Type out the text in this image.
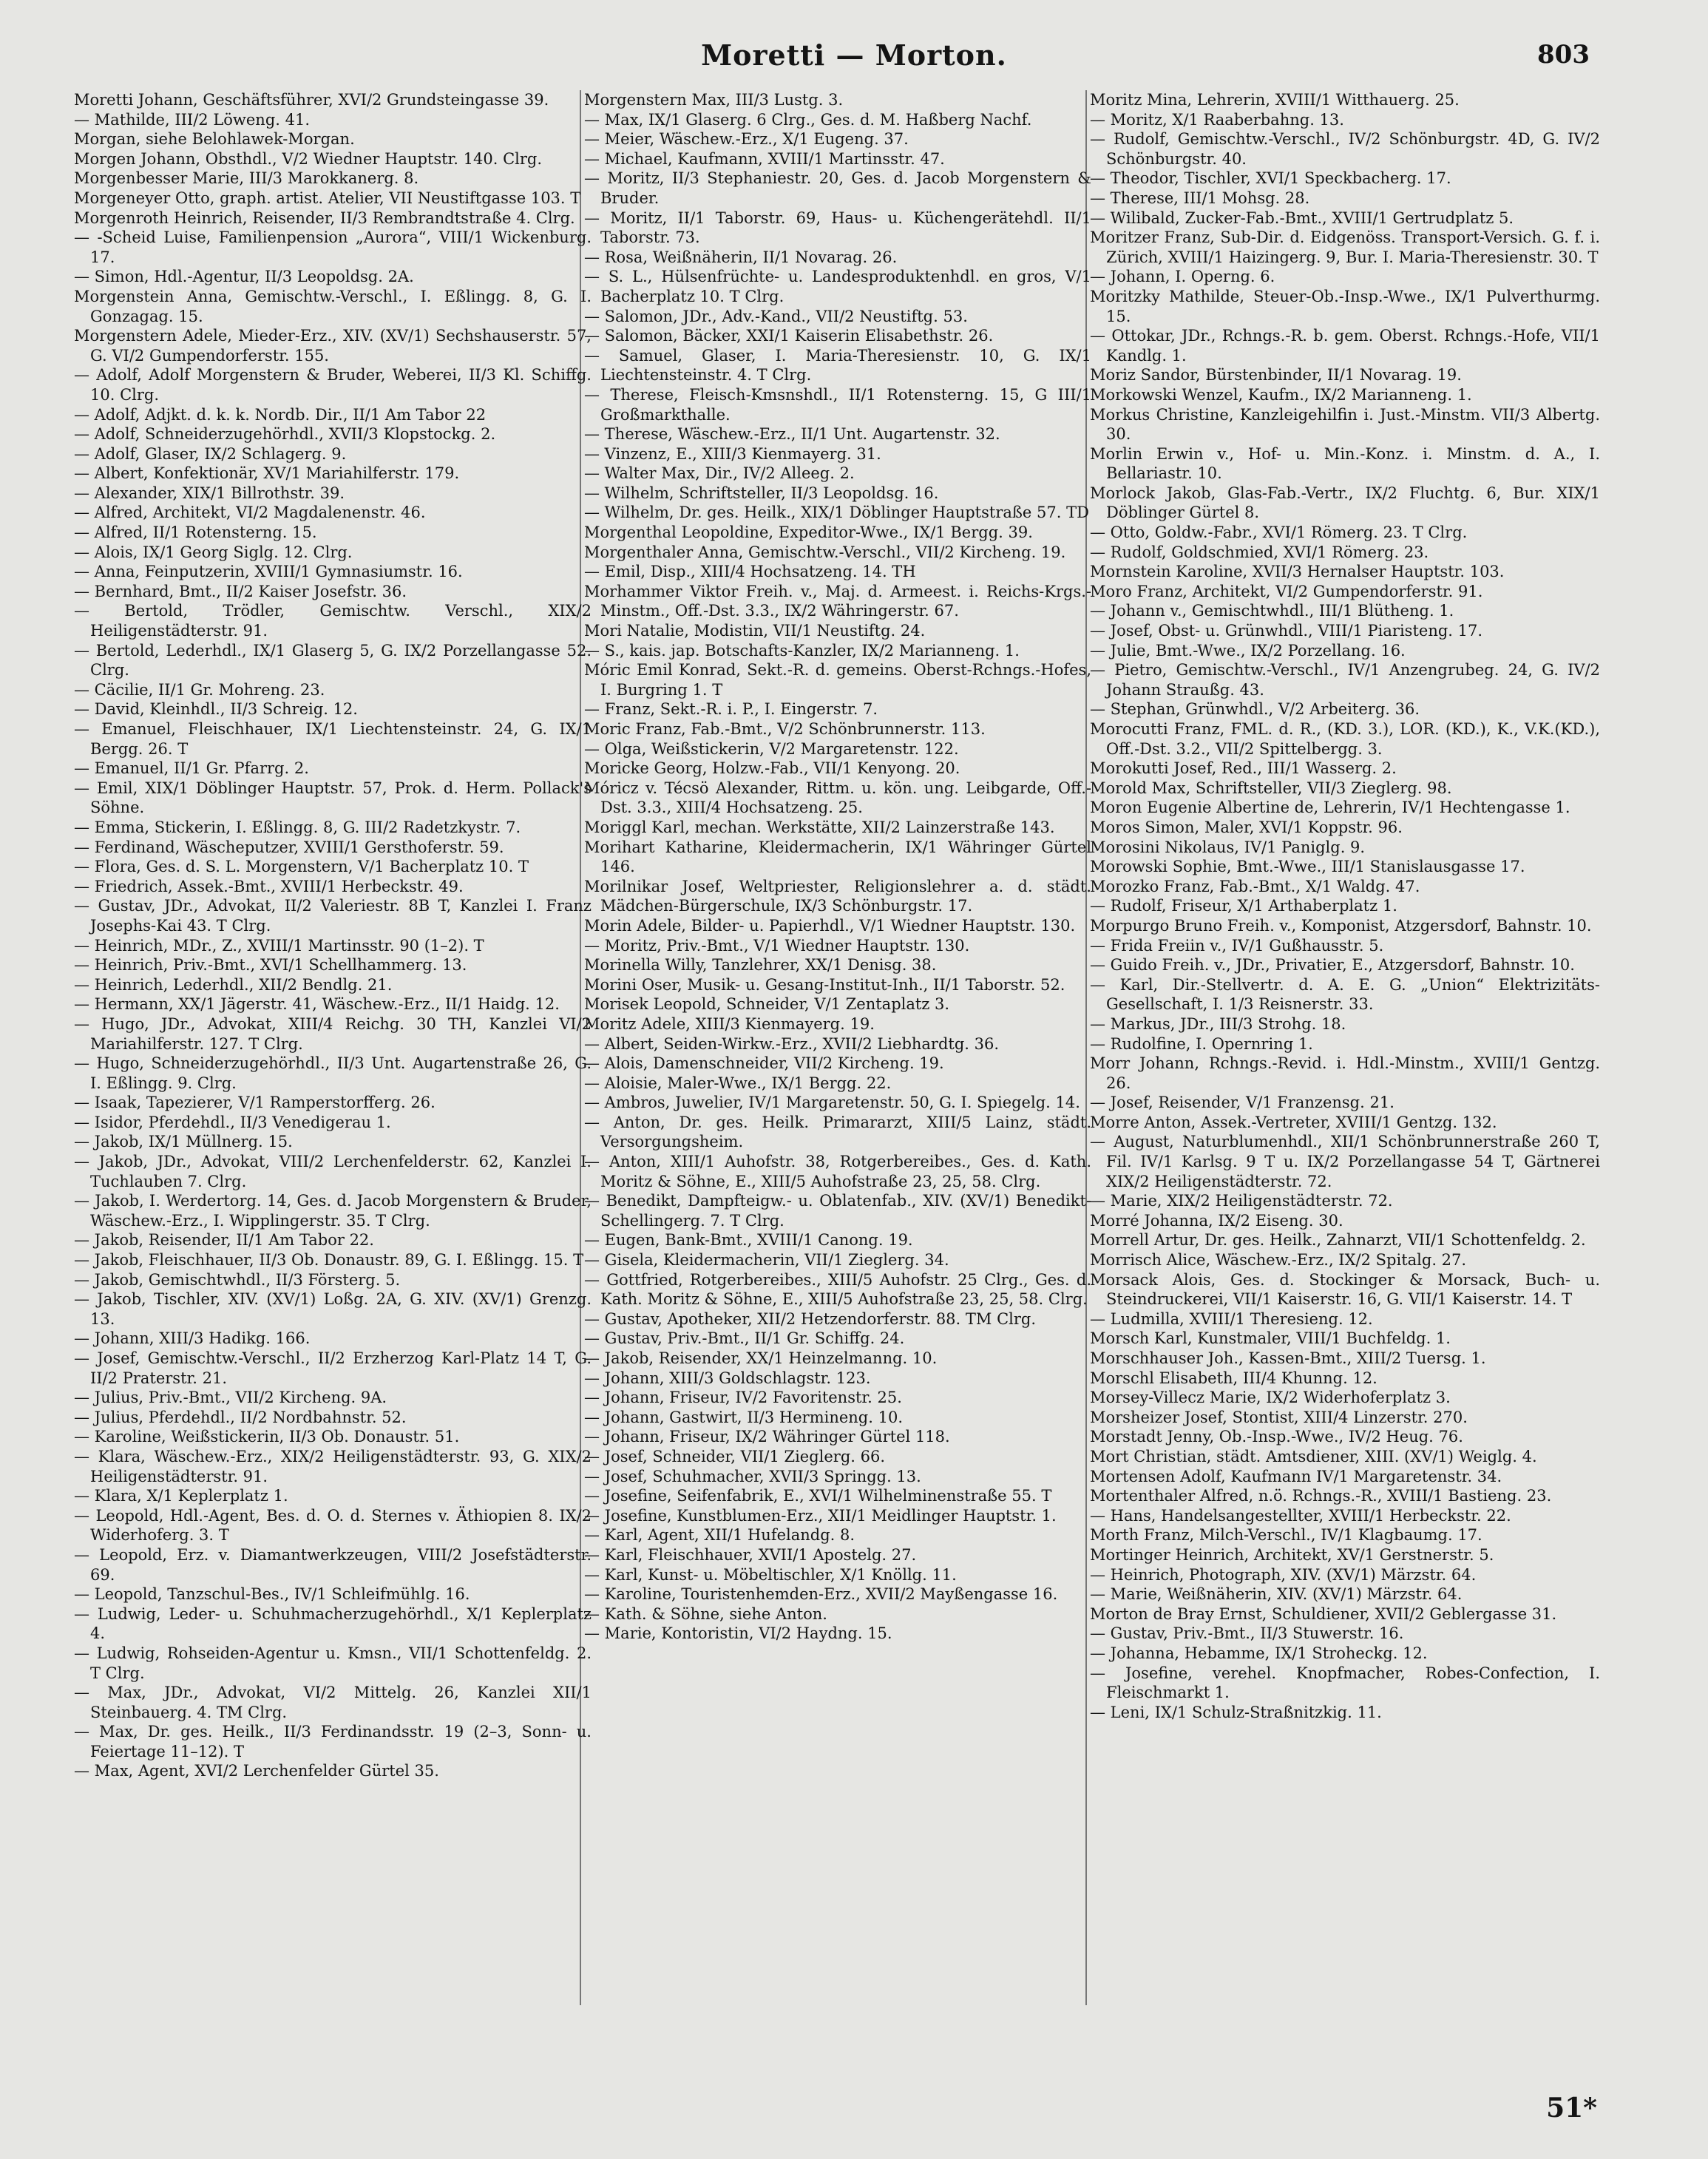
Moretti — Morton.	803
Moretti Johann, Geschäftsführer, XVI/2 Grundsteingasse 39.
— Mathilde, III/2 Löweng. 41.
Morgan, siehe Belohlawek-Morgan.
Morgen Johann, Obsthdl., V/2 Wiedner Hauptstr. 140. Clrg.
Morgenbesser Marie, III/3 Marokkanerg. 8.
Morgeneyer Otto, graph. artist. Atelier, VII Neustiftgasse 103. T
Morgenroth Heinrich, Reisender, II/3 Rembrandtstraße 4. Clrg.
— -Scheid Luise, Familienpension „Aurora“, VIII/1 Wickenburg. 17.
— Simon, Hdl.-Agentur, II/3 Leopoldsg. 2A.
Morgenstein Anna, Gemischtw.-Verschl., I. Eßlingg. 8, G. I. Gonzagag. 15.
Morgenstern Adele, Mieder-Erz., XIV. (XV/1) Sechshauserstr. 57, G. VI/2 Gumpendorferstr. 155.
— Adolf, Adolf Morgenstern & Bruder, Weberei, II/3 Kl. Schiffg. 10. Clrg.
— Adolf, Adjkt. d. k. k. Nordb. Dir., II/1 Am Tabor 22
— Adolf, Schneiderzugehörhdl., XVII/3 Klopstockg. 2.
— Adolf, Glaser, IX/2 Schlagerg. 9.
— Albert, Konfektionär, XV/1 Mariahilferstr. 179.
— Alexander, XIX/1 Billrothstr. 39.
— Alfred, Architekt, VI/2 Magdalenenstr. 46.
— Alfred, II/1 Rotensterng. 15.
— Alois, IX/1 Georg Siglg. 12. Clrg.
— Anna, Feinputzerin, XVIII/1 Gymnasiumstr. 16.
— Bernhard, Bmt., II/2 Kaiser Josefstr. 36.
— Bertold, Trödler, Gemischtw. Verschl., XIX/2 Heiligenstädterstr. 91.
— Bertold, Lederhdl., IX/1 Glaserg 5, G. IX/2 Porzellangasse 52. Clrg.
— Cäcilie, II/1 Gr. Mohreng. 23.
— David, Kleinhdl., II/3 Schreig. 12.
— Emanuel, Fleischhauer, IX/1 Liechtensteinstr. 24, G. IX/1 Bergg. 26. T
— Emanuel, II/1 Gr. Pfarrg. 2.
— Emil, XIX/1 Döblinger Hauptstr. 57, Prok. d. Herm. Pollack's Söhne.
— Emma, Stickerin, I. Eßlingg. 8, G. III/2 Radetzkystr. 7.
— Ferdinand, Wäscheputzer, XVIII/1 Gersthoferstr. 59.
— Flora, Ges. d. S. L. Morgenstern, V/1 Bacherplatz 10. T
— Friedrich, Assek.-Bmt., XVIII/1 Herbeckstr. 49.
— Gustav, JDr., Advokat, II/2 Valeriestr. 8B T, Kanzlei I. Franz Josephs-Kai 43. T Clrg.
— Heinrich, MDr., Z., XVIII/1 Martinsstr. 90 (1–2). T
— Heinrich, Priv.-Bmt., XVI/1 Schellhammerg. 13.
— Heinrich, Lederhdl., XII/2 Bendlg. 21.
— Hermann, XX/1 Jägerstr. 41, Wäschew.-Erz., II/1 Haidg. 12.
— Hugo, JDr., Advokat, XIII/4 Reichg. 30 TH, Kanzlei VI/2 Mariahilferstr. 127. T Clrg.
— Hugo, Schneiderzugehörhdl., II/3 Unt. Augartenstraße 26, G. I. Eßlingg. 9. Clrg.
— Isaak, Tapezierer, V/1 Ramperstorfferg. 26.
— Isidor, Pferdehdl., II/3 Venedigerau 1.
— Jakob, IX/1 Müllnerg. 15.
— Jakob, JDr., Advokat, VIII/2 Lerchenfelderstr. 62, Kanzlei I. Tuchlauben 7. Clrg.
— Jakob, I. Werdertorg. 14, Ges. d. Jacob Morgenstern & Bruder, Wäschew.-Erz., I. Wipplingerstr. 35. T Clrg.
— Jakob, Reisender, II/1 Am Tabor 22.
— Jakob, Fleischhauer, II/3 Ob. Donaustr. 89, G. I. Eßlingg. 15. T
— Jakob, Gemischtwhdl., II/3 Försterg. 5.
— Jakob, Tischler, XIV. (XV/1) Loßg. 2A, G. XIV. (XV/1) Grenzg. 13.
— Johann, XIII/3 Hadikg. 166.
— Josef, Gemischtw.-Verschl., II/2 Erzherzog Karl-Platz 14 T, G. II/2 Praterstr. 21.
— Julius, Priv.-Bmt., VII/2 Kircheng. 9A.
— Julius, Pferdehdl., II/2 Nordbahnstr. 52.
— Karoline, Weißstickerin, II/3 Ob. Donaustr. 51.
— Klara, Wäschew.-Erz., XIX/2 Heiligenstädterstr. 93, G. XIX/2 Heiligenstädterstr. 91.
— Klara, X/1 Keplerplatz 1.
— Leopold, Hdl.-Agent, Bes. d. O. d. Sternes v. Äthiopien 8. IX/2 Widerhoferg. 3. T
— Leopold, Erz. v. Diamantwerkzeugen, VIII/2 Josefstädterstr. 69.
— Leopold, Tanzschul-Bes., IV/1 Schleifmühlg. 16.
— Ludwig, Leder- u. Schuhmacherzugehörhdl., X/1 Keplerplatz 4.
— Ludwig, Rohseiden-Agentur u. Kmsn., VII/1 Schottenfeldg. 2. T Clrg.
— Max, JDr., Advokat, VI/2 Mittelg. 26, Kanzlei XII/1 Steinbauerg. 4. TM Clrg.
— Max, Dr. ges. Heilk., II/3 Ferdinandsstr. 19 (2–3, Sonn- u. Feiertage 11–12). T
— Max, Agent, XVI/2 Lerchenfelder Gürtel 35.
Morgenstern Max, III/3 Lustg. 3.
— Max, IX/1 Glaserg. 6 Clrg., Ges. d. M. Haßberg Nachf.
— Meier, Wäschew.-Erz., X/1 Eugeng. 37.
— Michael, Kaufmann, XVIII/1 Martinsstr. 47.
— Moritz, II/3 Stephaniestr. 20, Ges. d. Jacob Morgenstern & Bruder.
— Moritz, II/1 Taborstr. 69, Haus- u. Küchengerätehdl. II/1 Taborstr. 73.
— Rosa, Weißnäherin, II/1 Novarag. 26.
— S. L., Hülsenfrüchte- u. Landesproduktenhdl. en gros, V/1 Bacherplatz 10. T Clrg.
— Salomon, JDr., Adv.-Kand., VII/2 Neustiftg. 53.
— Salomon, Bäcker, XXI/1 Kaiserin Elisabethstr. 26.
— Samuel, Glaser, I. Maria-Theresienstr. 10, G. IX/1 Liechtensteinstr. 4. T Clrg.
— Therese, Fleisch-Kmsnshdl., II/1 Rotensterng. 15, G III/1 Großmarkthalle.
— Therese, Wäschew.-Erz., II/1 Unt. Augartenstr. 32.
— Vinzenz, E., XIII/3 Kienmayerg. 31.
— Walter Max, Dir., IV/2 Alleeg. 2.
— Wilhelm, Schriftsteller, II/3 Leopoldsg. 16.
— Wilhelm, Dr. ges. Heilk., XIX/1 Döblinger Hauptstraße 57. TD
Morgenthal Leopoldine, Expeditor-Wwe., IX/1 Bergg. 39.
Morgenthaler Anna, Gemischtw.-Verschl., VII/2 Kircheng. 19.
— Emil, Disp., XIII/4 Hochsatzeng. 14. TH
Morhammer Viktor Freih. v., Maj. d. Armeest. i. Reichs-Krgs.-Minstm., Off.-Dst. 3.3., IX/2 Währingerstr. 67.
Mori Natalie, Modistin, VII/1 Neustiftg. 24.
— S., kais. jap. Botschafts-Kanzler, IX/2 Marianneng. 1.
Móric Emil Konrad, Sekt.-R. d. gemeins. Oberst-Rchngs.-Hofes, I. Burgring 1. T
— Franz, Sekt.-R. i. P., I. Eingerstr. 7.
Moric Franz, Fab.-Bmt., V/2 Schönbrunnerstr. 113.
— Olga, Weißstickerin, V/2 Margaretenstr. 122.
Moricke Georg, Holzw.-Fab., VII/1 Kenyong. 20.
Móricz v. Técsö Alexander, Rittm. u. kön. ung. Leibgarde, Off.-Dst. 3.3., XIII/4 Hochsatzeng. 25.
Moriggl Karl, mechan. Werkstätte, XII/2 Lainzerstraße 143.
Morihart Katharine, Kleidermacherin, IX/1 Währinger Gürtel 146.
Morilnikar Josef, Weltpriester, Religionslehrer a. d. städt. Mädchen-Bürgerschule, IX/3 Schönburgstr. 17.
Morin Adele, Bilder- u. Papierhdl., V/1 Wiedner Hauptstr. 130.
— Moritz, Priv.-Bmt., V/1 Wiedner Hauptstr. 130.
Morinella Willy, Tanzlehrer, XX/1 Denisg. 38.
Morini Oser, Musik- u. Gesang-Institut-Inh., II/1 Taborstr. 52.
Morisek Leopold, Schneider, V/1 Zentaplatz 3.
Moritz Adele, XIII/3 Kienmayerg. 19.
— Albert, Seiden-Wirkw.-Erz., XVII/2 Liebhardtg. 36.
— Alois, Damenschneider, VII/2 Kircheng. 19.
— Aloisie, Maler-Wwe., IX/1 Bergg. 22.
— Ambros, Juwelier, IV/1 Margaretenstr. 50, G. I. Spiegelg. 14.
— Anton, Dr. ges. Heilk. Primararzt, XIII/5 Lainz, städt. Versorgungsheim.
— Anton, XIII/1 Auhofstr. 38, Rotgerbereibes., Ges. d. Kath. Moritz & Söhne, E., XIII/5 Auhofstraße 23, 25, 58. Clrg.
— Benedikt, Dampfteigw.- u. Oblatenfab., XIV. (XV/1) Benedikt-Schellingerg. 7. T Clrg.
— Eugen, Bank-Bmt., XVIII/1 Canong. 19.
— Gisela, Kleidermacherin, VII/1 Zieglerg. 34.
— Gottfried, Rotgerbereibes., XIII/5 Auhofstr. 25 Clrg., Ges. d. Kath. Moritz & Söhne, E., XIII/5 Auhofstraße 23, 25, 58. Clrg.
— Gustav, Apotheker, XII/2 Hetzendorferstr. 88. TM Clrg.
— Gustav, Priv.-Bmt., II/1 Gr. Schiffg. 24.
— Jakob, Reisender, XX/1 Heinzelmanng. 10.
— Johann, XIII/3 Goldschlagstr. 123.
— Johann, Friseur, IV/2 Favoritenstr. 25.
— Johann, Gastwirt, II/3 Hermineng. 10.
— Johann, Friseur, IX/2 Währinger Gürtel 118.
— Josef, Schneider, VII/1 Zieglerg. 66.
— Josef, Schuhmacher, XVII/3 Springg. 13.
— Josefine, Seifenfabrik, E., XVI/1 Wilhelminenstraße 55. T
— Josefine, Kunstblumen-Erz., XII/1 Meidlinger Hauptstr. 1.
— Karl, Agent, XII/1 Hufelandg. 8.
— Karl, Fleischhauer, XVII/1 Apostelg. 27.
— Karl, Kunst- u. Möbeltischler, X/1 Knöllg. 11.
— Karoline, Touristenhemden-Erz., XVII/2 Mayßengasse 16.
— Kath. & Söhne, siehe Anton.
— Marie, Kontoristin, VI/2 Haydng. 15.
Moritz Mina, Lehrerin, XVIII/1 Witthauerg. 25.
— Moritz, X/1 Raaberbahng. 13.
— Rudolf, Gemischtw.-Verschl., IV/2 Schönburgstr. 4D, G. IV/2 Schönburgstr. 40.
— Theodor, Tischler, XVI/1 Speckbacherg. 17.
— Therese, III/1 Mohsg. 28.
— Wilibald, Zucker-Fab.-Bmt., XVIII/1 Gertrudplatz 5.
Moritzer Franz, Sub-Dir. d. Eidgenöss. Transport-Versich. G. f. i. Zürich, XVIII/1 Haizingerg. 9, Bur. I. Maria-Theresienstr. 30. T
— Johann, I. Operng. 6.
Moritzky Mathilde, Steuer-Ob.-Insp.-Wwe., IX/1 Pulverthurmg. 15.
— Ottokar, JDr., Rchngs.-R. b. gem. Oberst. Rchngs.-Hofe, VII/1 Kandlg. 1.
Moriz Sandor, Bürstenbinder, II/1 Novarag. 19.
Morkowski Wenzel, Kaufm., IX/2 Marianneng. 1.
Morkus Christine, Kanzleigehilfin i. Just.-Minstm. VII/3 Albertg. 30.
Morlin Erwin v., Hof- u. Min.-Konz. i. Minstm. d. A., I. Bellariastr. 10.
Morlock Jakob, Glas-Fab.-Vertr., IX/2 Fluchtg. 6, Bur. XIX/1 Döblinger Gürtel 8.
— Otto, Goldw.-Fabr., XVI/1 Römerg. 23. T Clrg.
— Rudolf, Goldschmied, XVI/1 Römerg. 23.
Mornstein Karoline, XVII/3 Hernalser Hauptstr. 103.
Moro Franz, Architekt, VI/2 Gumpendorferstr. 91.
— Johann v., Gemischtwhdl., III/1 Blütheng. 1.
— Josef, Obst- u. Grünwhdl., VIII/1 Piaristeng. 17.
— Julie, Bmt.-Wwe., IX/2 Porzellang. 16.
— Pietro, Gemischtw.-Verschl., IV/1 Anzengrubeg. 24, G. IV/2 Johann Straußg. 43.
— Stephan, Grünwhdl., V/2 Arbeiterg. 36.
Morocutti Franz, FML. d. R., (KD. 3.), LOR. (KD.), K., V.K.(KD.), Off.-Dst. 3.2., VII/2 Spittelbergg. 3.
Morokutti Josef, Red., III/1 Wasserg. 2.
Morold Max, Schriftsteller, VII/3 Zieglerg. 98.
Moron Eugenie Albertine de, Lehrerin, IV/1 Hechtengasse 1.
Moros Simon, Maler, XVI/1 Koppstr. 96.
Morosini Nikolaus, IV/1 Paniglg. 9.
Morowski Sophie, Bmt.-Wwe., III/1 Stanislausgasse 17.
Morozko Franz, Fab.-Bmt., X/1 Waldg. 47.
— Rudolf, Friseur, X/1 Arthaberplatz 1.
Morpurgo Bruno Freih. v., Komponist, Atzgersdorf, Bahnstr. 10.
— Frida Freiin v., IV/1 Gußhausstr. 5.
— Guido Freih. v., JDr., Privatier, E., Atzgersdorf, Bahnstr. 10.
— Karl, Dir.-Stellvertr. d. A. E. G. „Union“ Elektrizitäts-Gesellschaft, I. 1/3 Reisnerstr. 33.
— Markus, JDr., III/3 Strohg. 18.
— Rudolfine, I. Opernring 1.
Morr Johann, Rchngs.-Revid. i. Hdl.-Minstm., XVIII/1 Gentzg. 26.
— Josef, Reisender, V/1 Franzensg. 21.
Morre Anton, Assek.-Vertreter, XVIII/1 Gentzg. 132.
— August, Naturblumenhdl., XII/1 Schönbrunnerstraße 260 T, Fil. IV/1 Karlsg. 9 T u. IX/2 Porzellangasse 54 T, Gärtnerei XIX/2 Heiligenstädterstr. 72.
— Marie, XIX/2 Heiligenstädterstr. 72.
Morré Johanna, IX/2 Eiseng. 30.
Morrell Artur, Dr. ges. Heilk., Zahnarzt, VII/1 Schottenfeldg. 2.
Morrisch Alice, Wäschew.-Erz., IX/2 Spitalg. 27.
Morsack Alois, Ges. d. Stockinger & Morsack, Buch- u. Steindruckerei, VII/1 Kaiserstr. 16, G. VII/1 Kaiserstr. 14. T
— Ludmilla, XVIII/1 Theresieng. 12.
Morsch Karl, Kunstmaler, VIII/1 Buchfeldg. 1.
Morschhauser Joh., Kassen-Bmt., XIII/2 Tuersg. 1.
Morschl Elisabeth, III/4 Khunng. 12.
Morsey-Villecz Marie, IX/2 Widerhoferplatz 3.
Morsheizer Josef, Stontist, XIII/4 Linzerstr. 270.
Morstadt Jenny, Ob.-Insp.-Wwe., IV/2 Heug. 76.
Mort Christian, städt. Amtsdiener, XIII. (XV/1) Weiglg. 4.
Mortensen Adolf, Kaufmann IV/1 Margaretenstr. 34.
Mortenthaler Alfred, n.ö. Rchngs.-R., XVIII/1 Bastieng. 23.
— Hans, Handelsangestellter, XVIII/1 Herbeckstr. 22.
Morth Franz, Milch-Verschl., IV/1 Klagbaumg. 17.
Mortinger Heinrich, Architekt, XV/1 Gerstnerstr. 5.
— Heinrich, Photograph, XIV. (XV/1) Märzstr. 64.
— Marie, Weißnäherin, XIV. (XV/1) Märzstr. 64.
Morton de Bray Ernst, Schuldiener, XVII/2 Geblergasse 31.
— Gustav, Priv.-Bmt., II/3 Stuwerstr. 16.
— Johanna, Hebamme, IX/1 Stroheckg. 12.
— Josefine, verehel. Knopfmacher, Robes-Confection, I. Fleischmarkt 1.
— Leni, IX/1 Schulz-Straßnitzkig. 11.
51*
